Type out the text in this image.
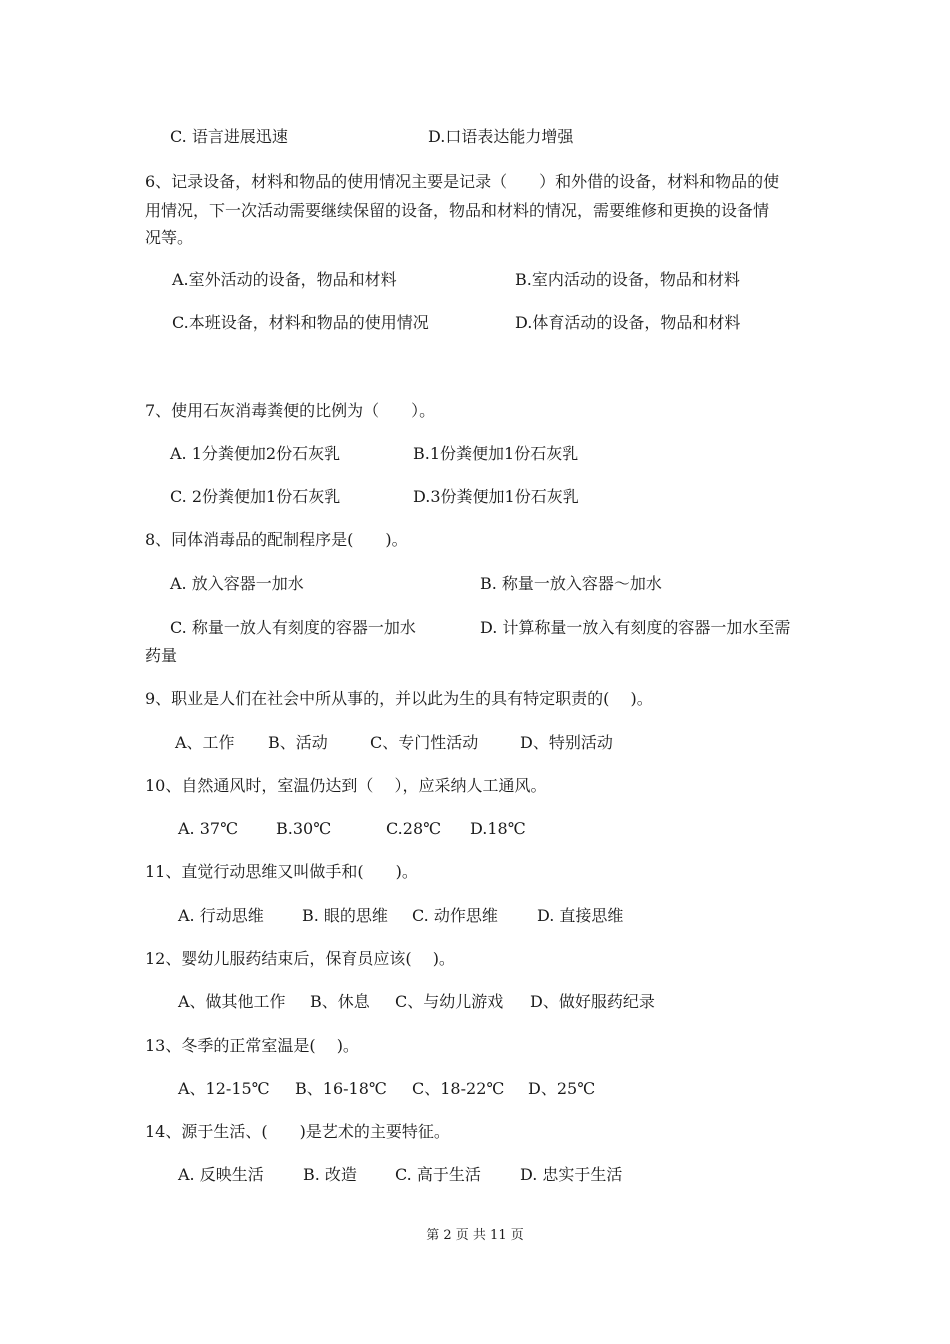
C. 语言进展迅速	D.口语表达能力增强
6、记录设备，材料和物品的使用情况主要是记录（　　）和外借的设备，材料和物品的使
用情况，下一次活动需要继续保留的设备，物品和材料的情况，需要维修和更换的设备情
况等。
A.室外活动的设备，物品和材料	B.室内活动的设备，物品和材料
C.本班设备，材料和物品的使用情况	D.体育活动的设备，物品和材料
7、使用石灰消毒粪便的比例为（　　）。
A. 1分粪便加2份石灰乳	B.1份粪便加1份石灰乳
C. 2份粪便加1份石灰乳	D.3份粪便加1份石灰乳
8、同体消毒品的配制程序是(　　)。
A. 放入容器一加水	B. 称量一放入容器～加水
C. 称量一放人有刻度的容器一加水	D. 计算称量一放入有刻度的容器一加水至需
药量
9、职业是人们在社会中所从事的，并以此为生的具有特定职责的(　 )。
A、工作 B、活动	C、专门性活动	D、特别活动
10、自然通风时，室温仍达到（　 ），应采纳人工通风。
A. 37℃ B.30℃	C.28℃ D.18℃
11、直觉行动思维又叫做手和(　　)。
A. 行动思维 B. 眼的思维 C. 动作思维 D. 直接思维
12、婴幼儿服药结束后，保育员应该(　 )。
A、做其他工作 B、休息 C、与幼儿游戏 D、做好服药纪录
13、冬季的正常室温是(　 )。
A、12-15℃ B、16-18℃ C、18-22℃ D、25℃
14、源于生活、(　　)是艺术的主要特征。
A. 反映生活 B. 改造 C. 高于生活 D. 忠实于生活
第 2 页 共 11 页
